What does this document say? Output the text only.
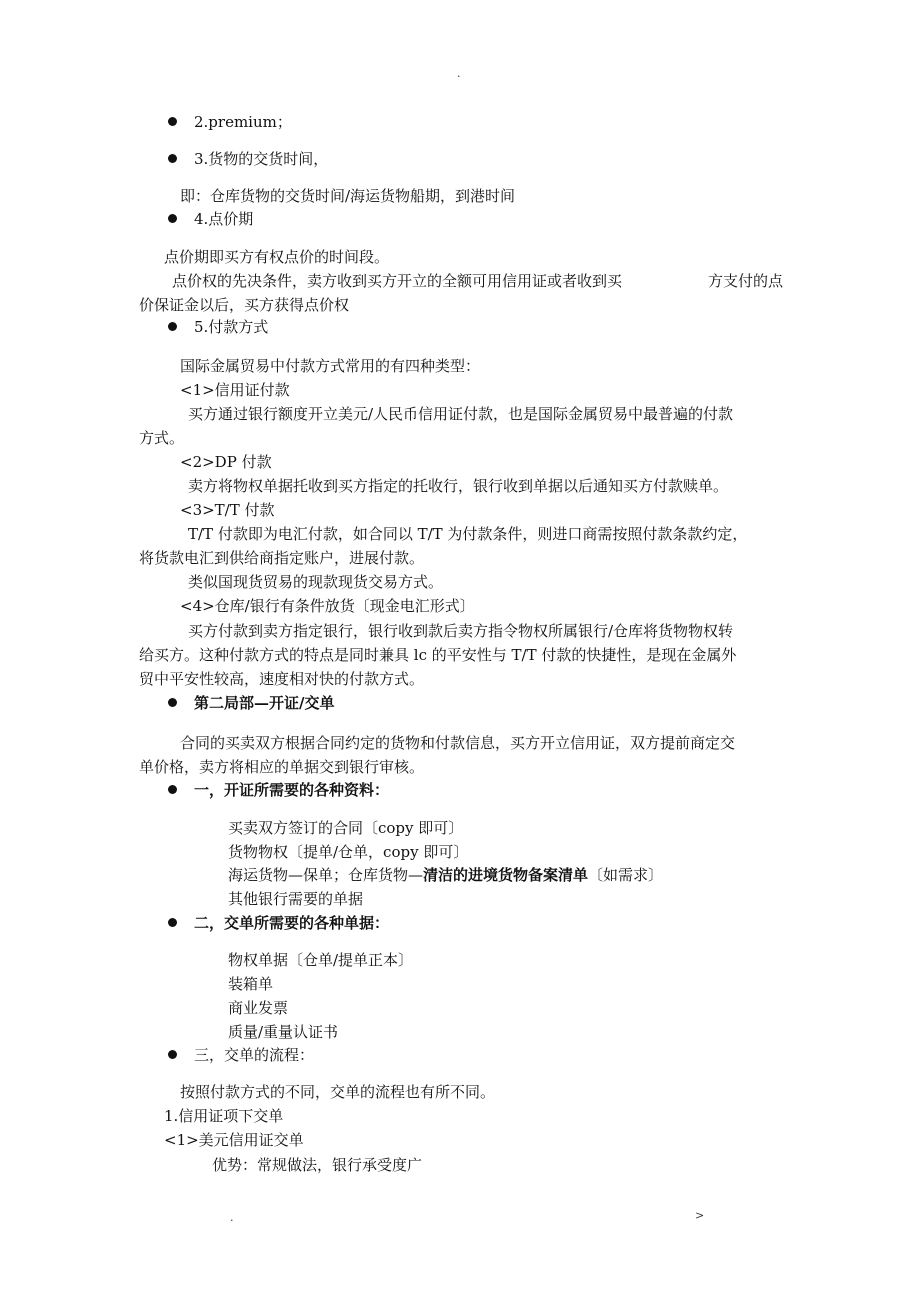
.
.	>
2.premium；
3.货物的交货时间，
即：仓库货物的交货时间/海运货物船期，到港时间
4.点价期
点价期即买方有权点价的时间段。
点价权的先决条件，卖方收到买方开立的全额可用信用证或者收到买	方支付的点
价保证金以后，买方获得点价权
5.付款方式
国际金属贸易中付款方式常用的有四种类型：
<1>信用证付款
买方通过银行额度开立美元/人民币信用证付款，也是国际金属贸易中最普遍的付款
方式。
<2>DP 付款
卖方将物权单据托收到买方指定的托收行，银行收到单据以后通知买方付款赎单。
<3>T/T 付款
T/T 付款即为电汇付款，如合同以 T/T 为付款条件，则进口商需按照付款条款约定，
将货款电汇到供给商指定账户，进展付款。
类似国现货贸易的现款现货交易方式。
<4>仓库/银行有条件放货〔现金电汇形式〕
买方付款到卖方指定银行，银行收到款后卖方指令物权所属银行/仓库将货物物权转
给买方。这种付款方式的特点是同时兼具 lc 的平安性与 T/T 付款的快捷性，是现在金属外
贸中平安性较高，速度相对快的付款方式。
第二局部—开证/交单
合同的买卖双方根据合同约定的货物和付款信息，买方开立信用证，双方提前商定交
单价格，卖方将相应的单据交到银行审核。
一，开证所需要的各种资料：
买卖双方签订的合同〔copy 即可〕
货物物权〔提单/仓单，copy 即可〕
海运货物—保单；仓库货物—清洁的进境货物备案清单〔如需求〕
其他银行需要的单据
二，交单所需要的各种单据：
物权单据〔仓单/提单正本〕
装箱单
商业发票
质量/重量认证书
三，交单的流程：
按照付款方式的不同，交单的流程也有所不同。
1.信用证项下交单
<1>美元信用证交单
优势：常规做法，银行承受度广
